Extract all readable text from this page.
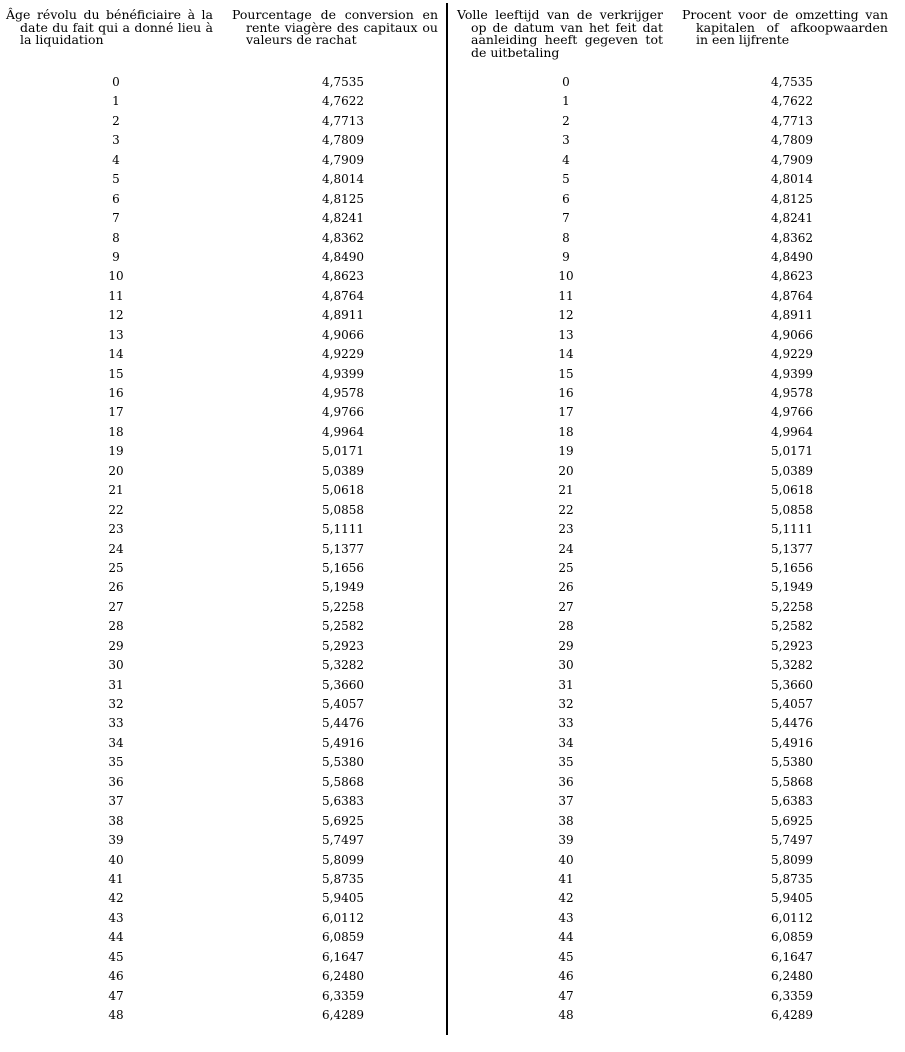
Âge révolu du bénéficiaire à la date du fait qui a donné lieu à la liquidation
Pourcentage de conversion en rente viagère des capitaux ou valeurs de rachat
0	4,7535
1	4,7622
2	4,7713
3	4,7809
4	4,7909
5	4,8014
6	4,8125
7	4,8241
8	4,8362
9	4,8490
10	4,8623
11	4,8764
12	4,8911
13	4,9066
14	4,9229
15	4,9399
16	4,9578
17	4,9766
18	4,9964
19	5,0171
20	5,0389
21	5,0618
22	5,0858
23	5,1111
24	5,1377
25	5,1656
26	5,1949
27	5,2258
28	5,2582
29	5,2923
30	5,3282
31	5,3660
32	5,4057
33	5,4476
34	5,4916
35	5,5380
36	5,5868
37	5,6383
38	5,6925
39	5,7497
40	5,8099
41	5,8735
42	5,9405
43	6,0112
44	6,0859
45	6,1647
46	6,2480
47	6,3359
48	6,4289
Volle leeftijd van de verkrijger op de datum van het feit dat aanleiding heeft gegeven tot de uitbetaling
Procent voor de omzetting van kapitalen of afkoopwaarden in een lijfrente
0	4,7535
1	4,7622
2	4,7713
3	4,7809
4	4,7909
5	4,8014
6	4,8125
7	4,8241
8	4,8362
9	4,8490
10	4,8623
11	4,8764
12	4,8911
13	4,9066
14	4,9229
15	4,9399
16	4,9578
17	4,9766
18	4,9964
19	5,0171
20	5,0389
21	5,0618
22	5,0858
23	5,1111
24	5,1377
25	5,1656
26	5,1949
27	5,2258
28	5,2582
29	5,2923
30	5,3282
31	5,3660
32	5,4057
33	5,4476
34	5,4916
35	5,5380
36	5,5868
37	5,6383
38	5,6925
39	5,7497
40	5,8099
41	5,8735
42	5,9405
43	6,0112
44	6,0859
45	6,1647
46	6,2480
47	6,3359
48	6,4289
